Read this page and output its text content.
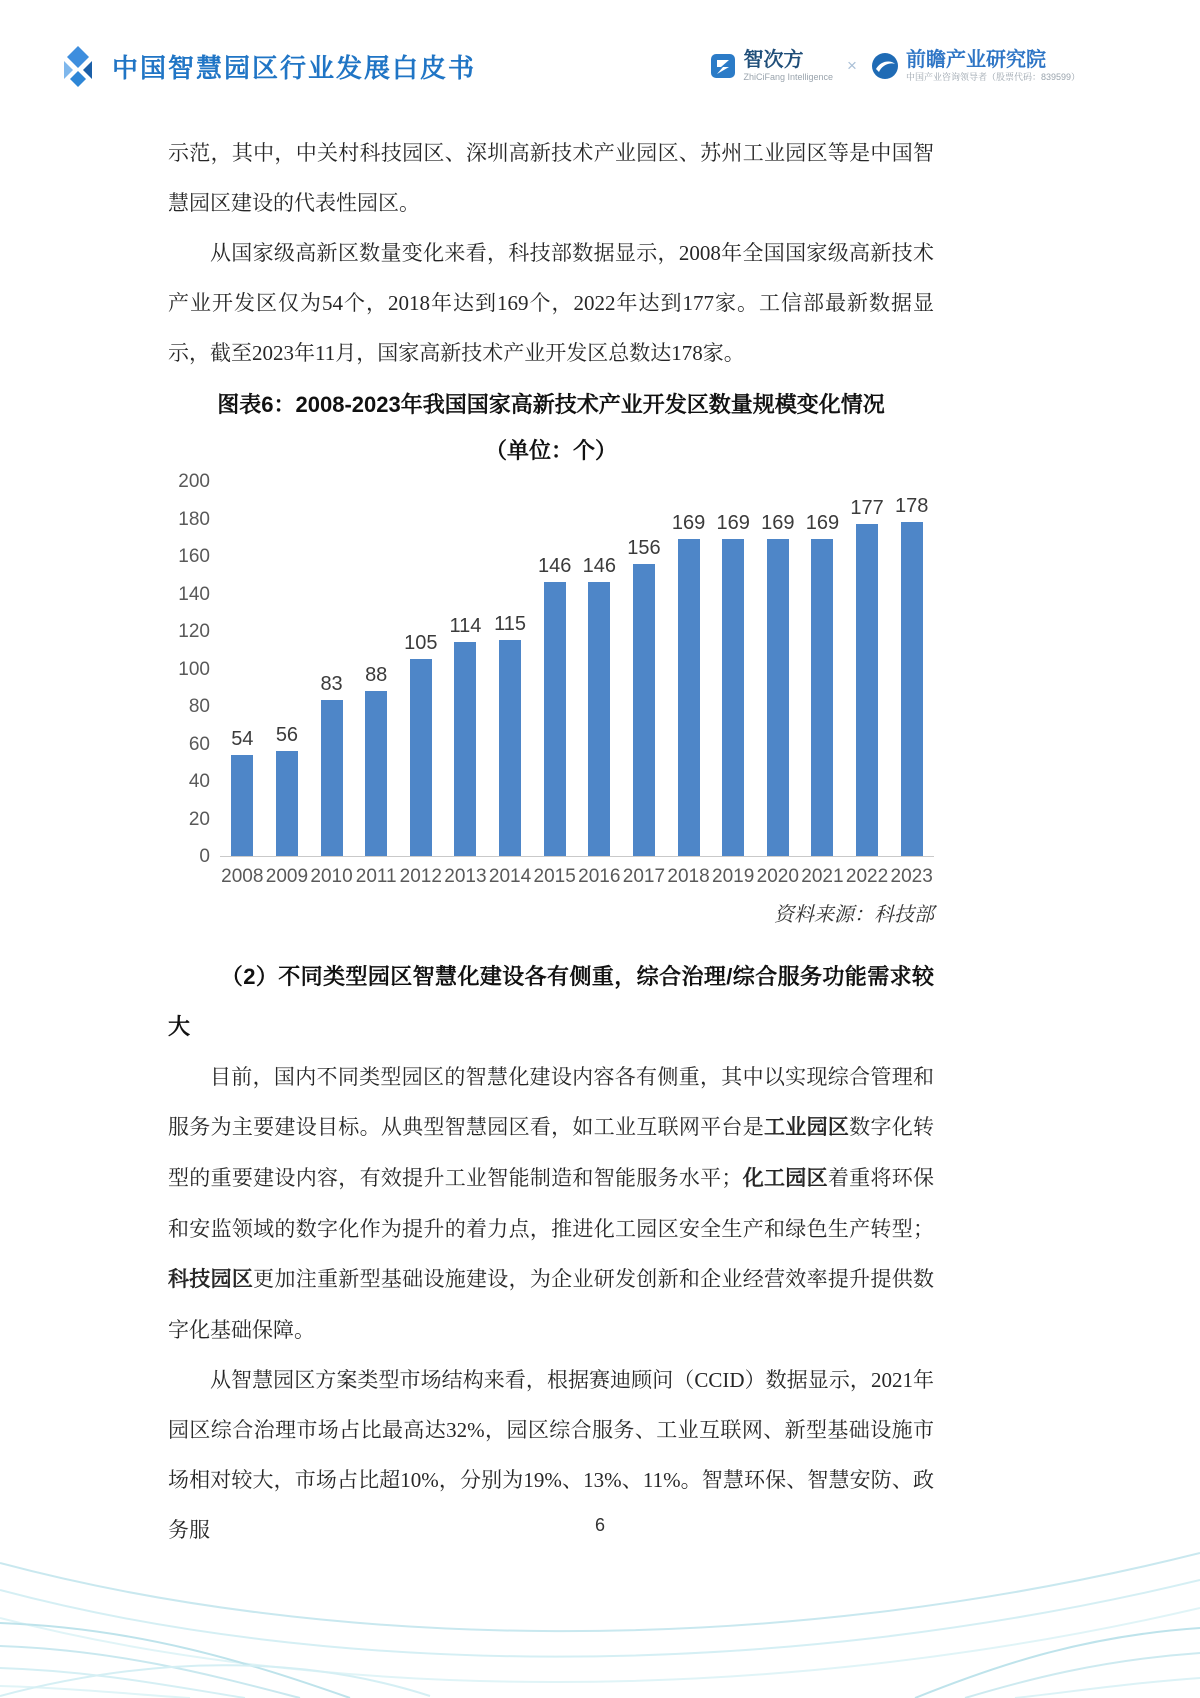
中国智慧园区行业发展白皮书	智次方
ZhiCiFang Intelligence
× 前瞻产业研究院
中国产业咨询领导者（股票代码：839599）

示范，其中，中关村科技园区、深圳高新技术产业园区、苏州工业园区等是中国智慧园区建设的代表性园区。

从国家级高新区数量变化来看，科技部数据显示，2008年全国国家级高新技术产业开发区仅为54个，2018年达到169个，2022年达到177家。工信部最新数据显示，截至2023年11月，国家高新技术产业开发区总数达178家。

图表6：2008-2023年我国国家高新技术产业开发区数量规模变化情况
（单位：个）
200
180
160
140
120
100
80
60
40
20
0
54 56
83 88
105
114 115
146 146
156
169 169 169 169
177 178
2008 2009 2010 2011 2012 2013 2014 2015 2016 2017 2018 2019 2020 2021 2022 2023
资料来源：科技部

（2）不同类型园区智慧化建设各有侧重，综合治理/综合服务功能需求较大

目前，国内不同类型园区的智慧化建设内容各有侧重，其中以实现综合管理和服务为主要建设目标。从典型智慧园区看，如工业互联网平台是工业园区数字化转型的重要建设内容，有效提升工业智能制造和智能服务水平；化工园区着重将环保和安监领域的数字化作为提升的着力点，推进化工园区安全生产和绿色生产转型；科技园区更加注重新型基础设施建设，为企业研发创新和企业经营效率提升提供数字化基础保障。

从智慧园区方案类型市场结构来看，根据赛迪顾问（CCID）数据显示，2021年园区综合治理市场占比最高达32%，园区综合服务、工业互联网、新型基础设施市场相对较大，市场占比超10%，分别为19%、13%、11%。智慧环保、智慧安防、政务服	6
